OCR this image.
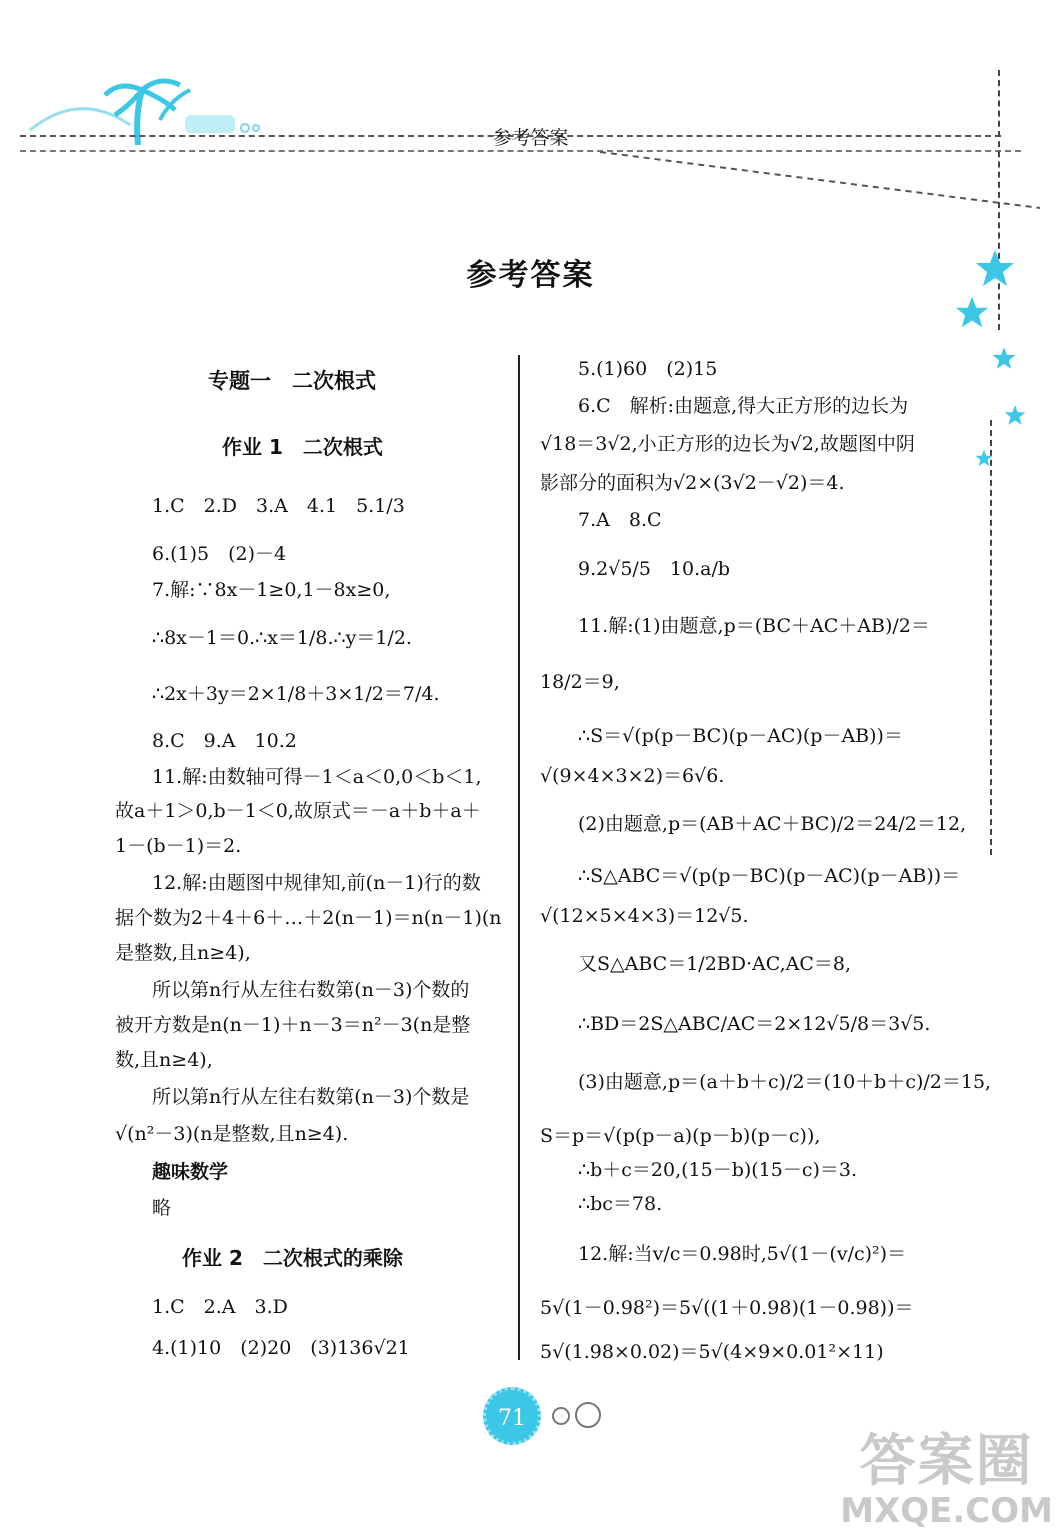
参考答案
参考答案
专题一　二次根式
作业 1　二次根式
1.C　2.D　3.A　4.1　5.1/3
6.(1)5　(2)－4
7.解:∵8x－1≥0,1－8x≥0,
∴8x－1＝0.∴x＝1/8.∴y＝1/2.
∴2x＋3y＝2×1/8＋3×1/2＝7/4.
8.C　9.A　10.2
11.解:由数轴可得－1＜a＜0,0＜b＜1,
故a＋1＞0,b－1＜0,故原式＝－a＋b＋a＋
1－(b－1)＝2.
12.解:由题图中规律知,前(n－1)行的数
据个数为2＋4＋6＋…＋2(n－1)＝n(n－1)(n
是整数,且n≥4),
所以第n行从左往右数第(n－3)个数的
被开方数是n(n－1)＋n－3＝n²－3(n是整
数,且n≥4),
所以第n行从左往右数第(n－3)个数是
√(n²－3)(n是整数,且n≥4).
趣味数学
略
作业 2　二次根式的乘除
1.C　2.A　3.D
4.(1)10　(2)20　(3)136√21
5.(1)60　(2)15
6.C　解析:由题意,得大正方形的边长为
√18＝3√2,小正方形的边长为√2,故题图中阴
影部分的面积为√2×(3√2－√2)＝4.
7.A　8.C
9.2√5/5　10.a/b
11.解:(1)由题意,p＝(BC＋AC＋AB)/2＝
18/2＝9,
∴S＝√(p(p－BC)(p－AC)(p－AB))＝
√(9×4×3×2)＝6√6.
(2)由题意,p＝(AB＋AC＋BC)/2＝24/2＝12,
∴S△ABC＝√(p(p－BC)(p－AC)(p－AB))＝
√(12×5×4×3)＝12√5.
又S△ABC＝1/2BD·AC,AC＝8,
∴BD＝2S△ABC/AC＝2×12√5/8＝3√5.
(3)由题意,p＝(a＋b＋c)/2＝(10＋b＋c)/2＝15,
S＝p＝√(p(p－a)(p－b)(p－c)),
∴b＋c＝20,(15－b)(15－c)＝3.
∴bc＝78.
12.解:当v/c＝0.98时,5√(1－(v/c)²)＝
5√(1－0.98²)＝5√((1＋0.98)(1－0.98))＝
5√(1.98×0.02)＝5√(4×9×0.01²×11)
71
答案圈
MXQE.COM
